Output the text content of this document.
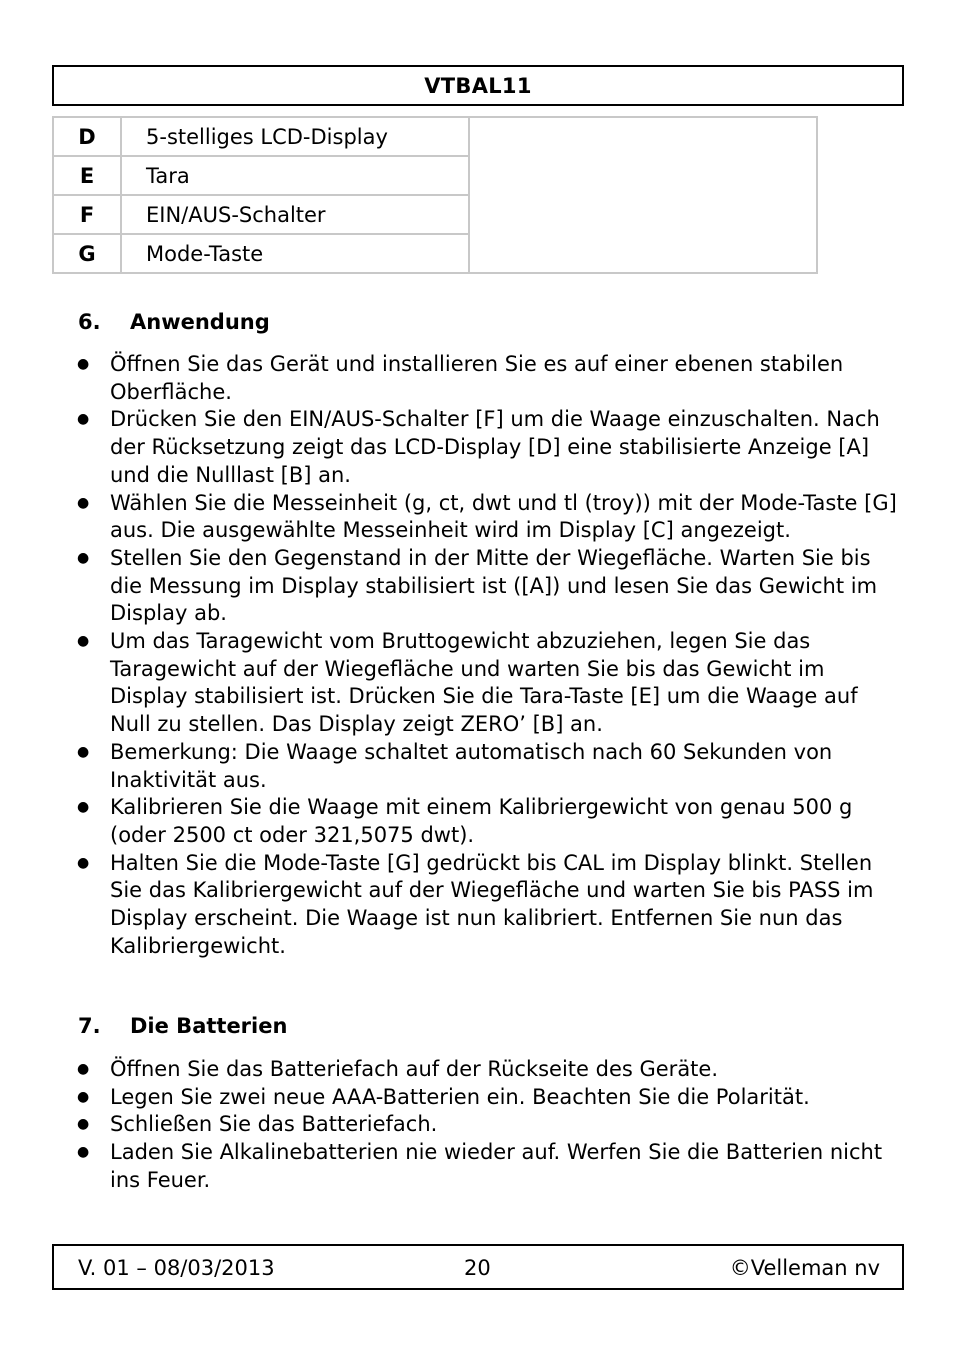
VTBAL11
D	5-stelliges LCD-Display	
E	Tara	
F	EIN/AUS-Schalter	
G	Mode-Taste	
6.	Anwendung
● Öffnen Sie das Gerät und installieren Sie es auf einer ebenen stabilen Oberfläche.
● Drücken Sie den EIN/AUS-Schalter [F] um die Waage einzuschalten. Nach der Rücksetzung zeigt das LCD-Display [D] eine stabilisierte Anzeige [A] und die Nulllast [B] an.
● Wählen Sie die Messeinheit (g, ct, dwt und tl (troy)) mit der Mode-Taste [G] aus. Die ausgewählte Messeinheit wird im Display [C] angezeigt.
● Stellen Sie den Gegenstand in der Mitte der Wiegefläche. Warten Sie bis die Messung im Display stabilisiert ist ([A]) und lesen Sie das Gewicht im Display ab.
● Um das Taragewicht vom Bruttogewicht abzuziehen, legen Sie das Taragewicht auf der Wiegefläche und warten Sie bis das Gewicht im Display stabilisiert ist. Drücken Sie die Tara-Taste [E] um die Waage auf Null zu stellen. Das Display zeigt ZERO’ [B] an.
● Bemerkung: Die Waage schaltet automatisch nach 60 Sekunden von Inaktivität aus.
● Kalibrieren Sie die Waage mit einem Kalibriergewicht von genau 500 g (oder 2500 ct oder 321,5075 dwt).
● Halten Sie die Mode-Taste [G] gedrückt bis CAL im Display blinkt. Stellen Sie das Kalibriergewicht auf der Wiegefläche und warten Sie bis PASS im Display erscheint. Die Waage ist nun kalibriert. Entfernen Sie nun das Kalibriergewicht.
7.	Die Batterien
● Öffnen Sie das Batteriefach auf der Rückseite des Geräte.
● Legen Sie zwei neue AAA-Batterien ein. Beachten Sie die Polarität.
● Schließen Sie das Batteriefach.
● Laden Sie Alkalinebatterien nie wieder auf. Werfen Sie die Batterien nicht ins Feuer.
V. 01 – 08/03/2013	20	©Velleman nv
